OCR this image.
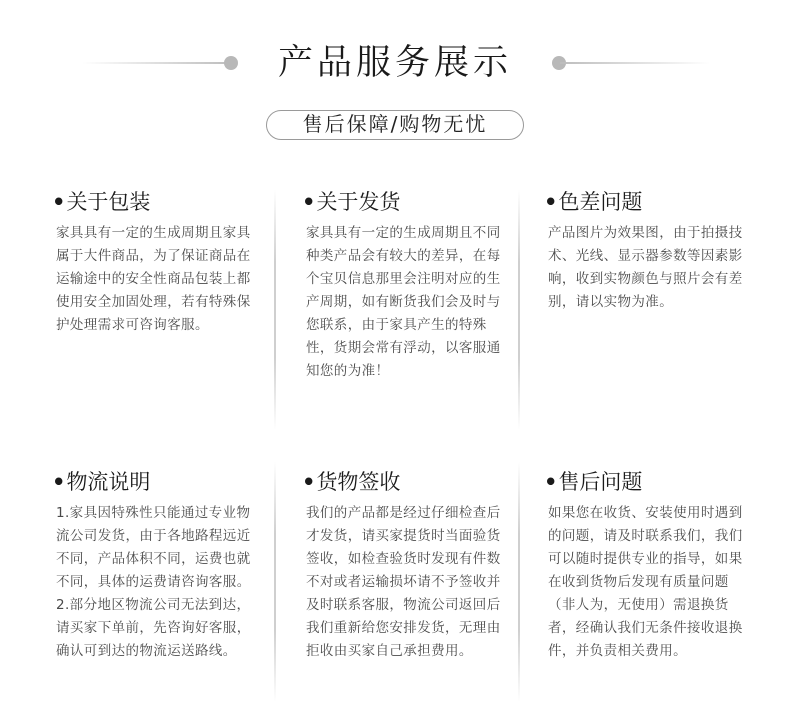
产品服务展示
售后保障/购物无忧
•关于包装

家具具有一定的生成周期且家具属于大件商品，为了保证商品在运输途中的安全性商品包装上都使用安全加固处理，若有特殊保护处理需求可咨询客服。

•关于发货

家具具有一定的生成周期且不同种类产品会有较大的差异，在每个宝贝信息那里会注明对应的生产周期，如有断货我们会及时与您联系，由于家具产生的特殊性，货期会常有浮动，以客服通知您的为准！

•色差问题

产品图片为效果图，由于拍摄技术、光线、显示器参数等因素影响，收到实物颜色与照片会有差别，请以实物为准。

•物流说明

1.家具因特殊性只能通过专业物流公司发货，由于各地路程远近不同，产品体积不同，运费也就不同，具体的运费请咨询客服。

2.部分地区物流公司无法到达，请买家下单前，先咨询好客服，确认可到达的物流运送路线。

•货物签收

我们的产品都是经过仔细检查后才发货，请买家提货时当面验货签收，如检查验货时发现有件数不对或者运输损坏请不予签收并及时联系客服，物流公司返回后我们重新给您安排发货，无理由拒收由买家自己承担费用。

•售后问题

如果您在收货、安装使用时遇到的问题，请及时联系我们，我们可以随时提供专业的指导，如果在收到货物后发现有质量问题（非人为，无使用）需退换货者，经确认我们无条件接收退换件，并负责相关费用。
